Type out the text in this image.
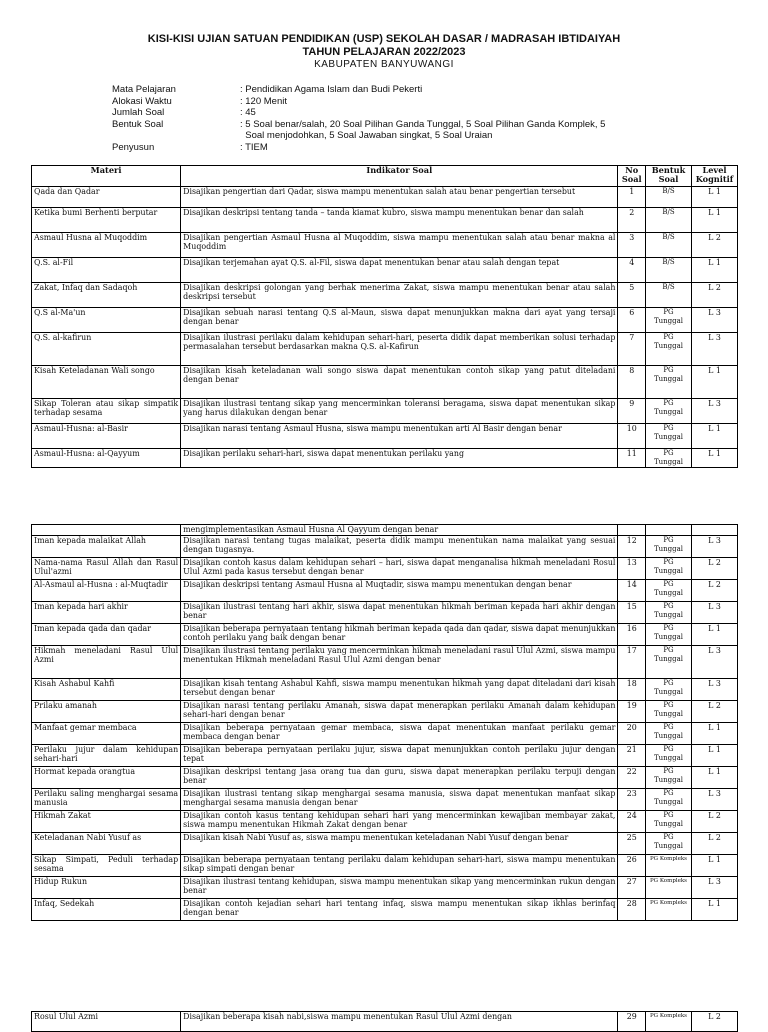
KISI-KISI UJIAN SATUAN PENDIDIKAN (USP) SEKOLAH DASAR / MADRASAH IBTIDAIYAH
TAHUN PELAJARAN 2022/2023
KABUPATEN BANYUWANGI
Mata Pelajaran	: Pendidikan Agama Islam dan Budi Pekerti
Alokasi Waktu	: 120 Menit
Jumlah Soal	: 45
Bentuk Soal	: 5 Soal benar/salah, 20 Soal Pilihan Ganda Tunggal, 5 Soal Pilihan Ganda Komplek, 5
Soal menjodohkan, 5 Soal Jawaban singkat, 5 Soal Uraian
Penyusun	: TIEM
Materi	Indikator Soal	No Soal	Bentuk Soal	Level Kognitif
Qada dan Qadar	Disajikan pengertian dari Qadar, siswa mampu menentukan salah atau benar pengertian tersebut	1	B/S	L 1
Ketika bumi Berhenti berputar	Disajikan deskripsi tentang tanda – tanda kiamat kubro, siswa mampu menentukan benar dan salah	2	B/S	L 1
Asmaul Husna al Muqoddim	Disajikan pengertian Asmaul Husna al Muqoddim, siswa mampu menentukan salah atau benar makna al Muqoddim	3	B/S	L 2
Q.S. al-Fil	Disajikan terjemahan ayat Q.S. al-Fil, siswa dapat menentukan benar atau salah dengan tepat	4	B/S	L 1
Zakat, Infaq dan Sadaqoh	Disajikan deskripsi golongan yang berhak menerima Zakat, siswa mampu menentukan benar atau salah deskripsi tersebut	5	B/S	L 2
Q.S al-Ma'un	Disajikan sebuah narasi tentang Q.S al-Maun, siswa dapat menunjukkan makna dari ayat yang tersaji dengan benar	6	PG Tunggal	L 3
Q.S. al-kafirun	Disajikan ilustrasi perilaku dalam kehidupan sehari-hari, peserta didik dapat memberikan solusi terhadap permasalahan tersebut berdasarkan makna Q.S. al-Kafirun	7	PG Tunggal	L 3
Kisah Keteladanan Wali songo	Disajikan kisah keteladanan wali songo siswa dapat menentukan contoh sikap yang patut diteladani dengan benar	8	PG Tunggal	L 1
Sikap Toleran atau sikap simpatik terhadap sesama	Disajikan ilustrasi tentang sikap yang mencerminkan toleransi beragama, siswa dapat menentukan sikap yang harus dilakukan dengan benar	9	PG Tunggal	L 3
Asmaul-Husna: al-Basir	Disajikan narasi tentang Asmaul Husna, siswa mampu menentukan arti Al Basir dengan benar	10	PG Tunggal	L 1
Asmaul-Husna: al-Qayyum	Disajikan perilaku sehari-hari, siswa dapat menentukan perilaku yang	11	PG Tunggal	L 1
	mengimplementasikan Asmaul Husna Al Qayyum dengan benar			
Iman kepada malaikat Allah	Disajikan narasi tentang tugas malaikat, peserta didik mampu menentukan nama malaikat yang sesuai dengan tugasnya.	12	PG Tunggal	L 3
Nama-nama Rasul Allah dan Rasul Ulul'azmi	Disajikan contoh kasus dalam kehidupan sehari – hari, siswa dapat menganalisa hikmah meneladani Rosul Ulul Azmi pada kasus tersebut dengan benar	13	PG Tunggal	L 2
Al-Asmaul al-Husna : al-Muqtadir	Disajikan deskripsi tentang Asmaul Husna al Muqtadir, siswa mampu menentukan dengan benar	14	PG Tunggal	L 2
Iman kepada hari akhir	Disajikan ilustrasi tentang hari akhir, siswa dapat menentukan hikmah beriman kepada hari akhir dengan benar	15	PG Tunggal	L 3
Iman kepada qada dan qadar	Disajikan beberapa pernyataan tentang hikmah beriman kepada qada dan qadar, siswa dapat menunjukkan contoh perilaku yang baik dengan benar	16	PG Tunggal	L 1
Hikmah meneladani Rasul Ulul Azmi	Disajikan ilustrasi tentang perilaku yang mencerminkan hikmah meneladani rasul Ulul Azmi, siswa mampu menentukan Hikmah meneladani Rasul Ulul Azmi dengan benar	17	PG Tunggal	L 3
Kisah Ashabul Kahfi	Disajikan kisah tentang Ashabul Kahfi, siswa mampu menentukan hikmah yang dapat diteladani dari kisah tersebut dengan benar	18	PG Tunggal	L 3
Prilaku amanah	Disajikan narasi tentang perilaku Amanah, siswa dapat menerapkan perilaku Amanah dalam kehidupan sehari-hari dengan benar	19	PG Tunggal	L 2
Manfaat gemar membaca	Disajikan beberapa pernyataan gemar membaca, siswa dapat menentukan manfaat perilaku gemar membaca dengan benar	20	PG Tunggal	L 1
Perilaku jujur dalam kehidupan sehari-hari	Disajikan beberapa pernyataan perilaku jujur, siswa dapat menunjukkan contoh perilaku jujur dengan tepat	21	PG Tunggal	L 1
Hormat kepada orangtua	Disajikan deskripsi tentang jasa orang tua dan guru, siswa dapat menerapkan perilaku terpuji dengan benar	22	PG Tunggal	L 1
Perilaku saling menghargai sesama manusia	Disajikan ilustrasi tentang sikap menghargai sesama manusia, siswa dapat menentukan manfaat sikap menghargai sesama manusia dengan benar	23	PG Tunggal	L 3
Hikmah Zakat	Disajikan contoh kasus tentang kehidupan sehari hari yang mencerminkan kewajiban membayar zakat, siswa mampu menentukan Hikmah Zakat dengan benar	24	PG Tunggal	L 2
Keteladanan Nabi Yusuf as	Disajikan kisah Nabi Yusuf as, siswa mampu menentukan keteladanan Nabi Yusuf dengan benar	25	PG Tunggal	L 2
Sikap Simpati, Peduli terhadap sesama	Disajikan beberapa pernyataan tentang perilaku dalam kehidupan sehari-hari, siswa mampu menentukan sikap simpati dengan benar	26	PG Kompleks	L 1
Hidup Rukun	Disajikan ilustrasi tentang kehidupan, siswa mampu menentukan sikap yang mencerminkan rukun dengan benar	27	PG Kompleks	L 3
Infaq, Sedekah	Disajikan contoh kejadian sehari hari tentang infaq, siswa mampu menentukan sikap ikhlas berinfaq dengan benar	28	PG Kompleks	L 1
Rosul Ulul Azmi	Disajikan beberapa kisah nabi,siswa mampu menentukan Rasul Ulul Azmi dengan	29	PG Kompleks	L 2
